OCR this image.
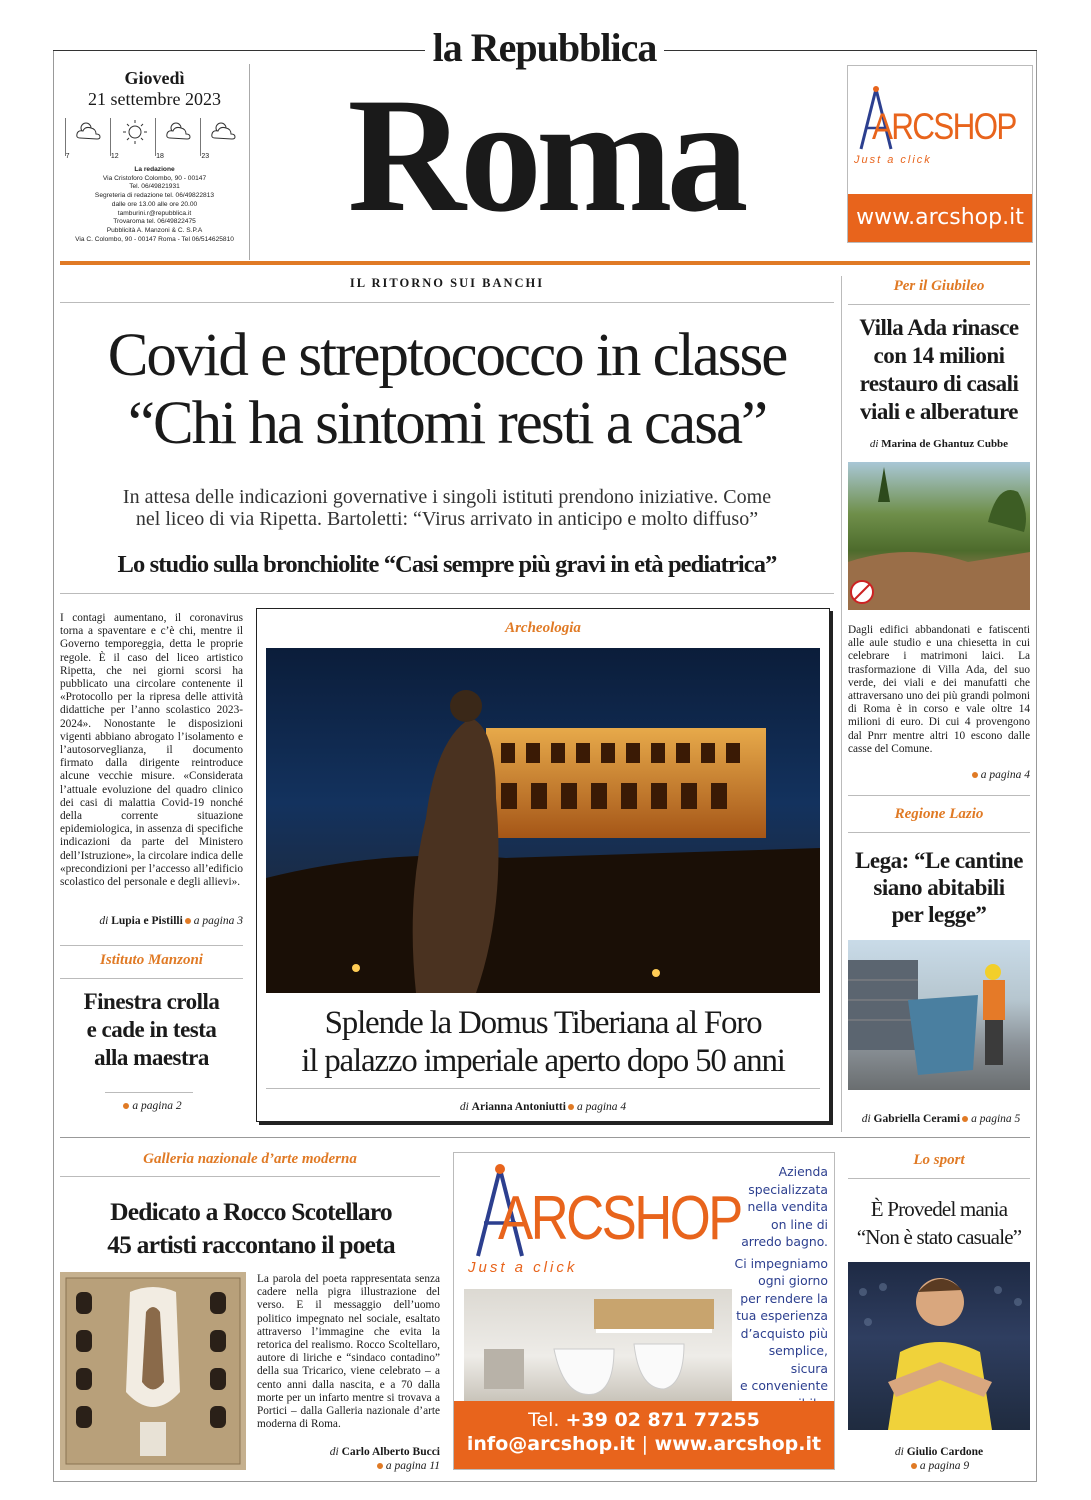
la Repubblica
Roma
Giovedì
21 settembre 2023
7	12	18	23
La redazione
Via Cristoforo Colombo, 90 - 00147
Tel. 06/49821931
Segreteria di redazione tel. 06/49822813
dalle ore 13.00 alle ore 20.00
tamburini.r@repubblica.it
Trovaroma tel. 06/49822475
Pubblicità A. Manzoni & C. S.P.A
Via C. Colombo, 90 - 00147 Roma - Tel 06/514625810
ARCSHOP
Just a click
www.arcshop.it
IL RITORNO SUI BANCHI
Covid e streptococco in classe
“Chi ha sintomi resti a casa”
In attesa delle indicazioni governative i singoli istituti prendono iniziative. Come
nel liceo di via Ripetta. Bartoletti: “Virus arrivato in anticipo e molto diffuso”
Lo studio sulla bronchiolite “Casi sempre più gravi in età pediatrica”
I contagi aumentano, il coronavirus torna a spaventare e c’è chi, mentre il Governo temporeggia, detta le proprie regole. È il caso del liceo artistico Ripetta, che nei giorni scorsi ha pubblicato una circolare contenente il «Protocollo per la ripresa delle attività didattiche per l’anno scolastico 2023-2024». Nonostante le disposizioni vigenti abbiano abrogato l’isolamento e l’autosorveglianza, il documento firmato dalla dirigente reintroduce alcune vecchie misure. «Considerata l’attuale evoluzione del quadro clinico dei casi di malattia Covid-19 nonché della corrente situazione epidemiologica, in assenza di specifiche indicazioni da parte del Ministero dell’Istruzione», la circolare indica delle «precondizioni per l’accesso all’edificio scolastico del personale e degli allievi».
di Lupia e Pistilli a pagina 3
Istituto Manzoni
Finestra crolla
e cade in testa
alla maestra
a pagina 2
Archeologia
Splende la Domus Tiberiana al Foro
il palazzo imperiale aperto dopo 50 anni
di Arianna Antoniutti a pagina 4
Per il Giubileo
Villa Ada rinasce
con 14 milioni
restauro di casali
viali e alberature
di Marina de Ghantuz Cubbe
Dagli edifici abbandonati e fatiscenti alle aule studio e una chiesetta in cui celebrare i matrimoni laici. La trasformazione di Villa Ada, del suo verde, dei viali e dei manufatti che attraversano uno dei più grandi polmoni di Roma è in corso e vale oltre 14 milioni di euro. Di cui 4 provengono dal Pnrr mentre altri 10 escono dalle casse del Comune.
a pagina 4
Regione Lazio
Lega: “Le cantine
siano abitabili
per legge”
di Gabriella Cerami a pagina 5
Galleria nazionale d’arte moderna
Dedicato a Rocco Scotellaro
45 artisti raccontano il poeta
La parola del poeta rappresentata senza cadere nella pigra illustrazione del verso. E il messaggio dell’uomo politico impegnato nel sociale, esaltato attraverso l’immagine che evita la retorica del realismo. Rocco Scoltellaro, autore di liriche e “sindaco contadino” della sua Tricarico, viene celebrato – a cento anni dalla nascita, e a 70 dalla morte per un infarto mentre si trovava a Portici – dalla Galleria nazionale d’arte moderna di Roma.
di Carlo Alberto Bucci
a pagina 11
ARCSHOP
Just a click
Azienda
specializzata
nella vendita
on line di
arredo bagno.
Ci impegniamo
ogni giorno
per rendere la
tua esperienza
d’acquisto più
semplice, sicura
e conveniente
Tel. +39 02 871 77255
info@arcshop.it | www.arcshop.it
Lo sport
È Provedel mania
“Non è stato casuale”
di Giulio Cardone
a pagina 9
